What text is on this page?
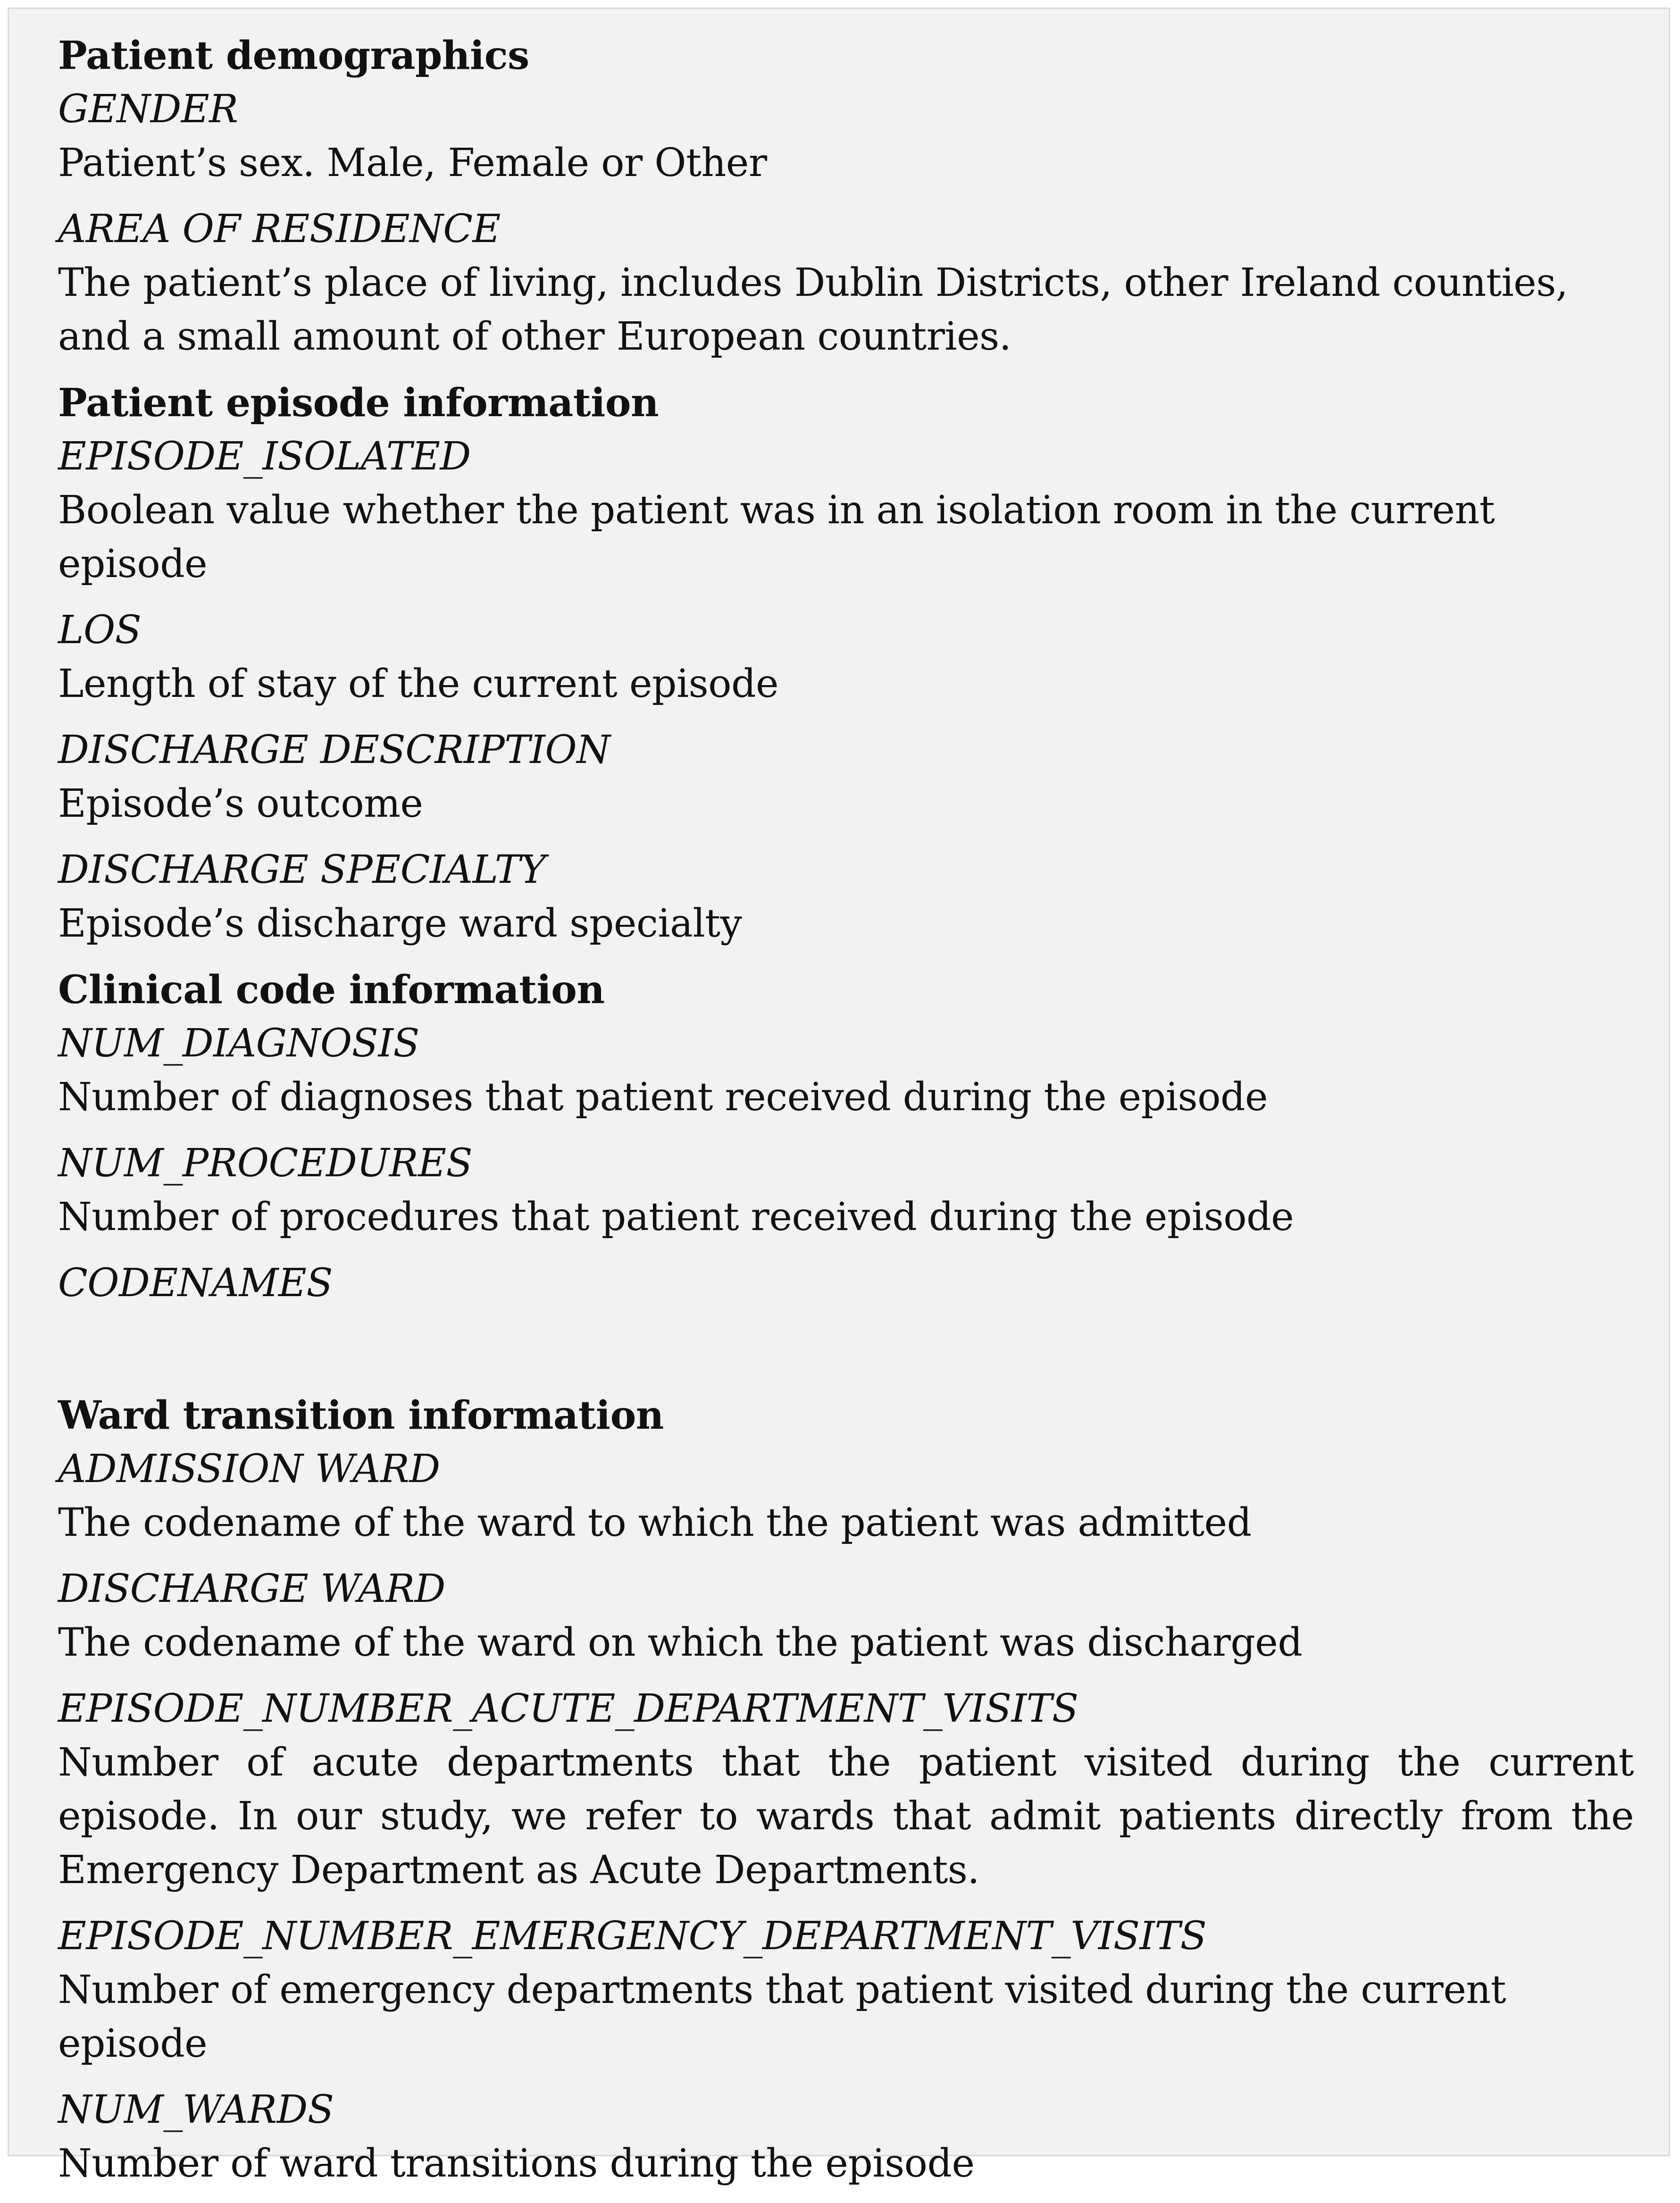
Patient demographics

GENDER

Patient’s sex. Male, Female or Other

AREA OF RESIDENCE

The patient’s place of living, includes Dublin Districts, other Ireland counties, and a small amount of other European countries.

Patient episode information

EPISODE_ISOLATED

Boolean value whether the patient was in an isolation room in the current episode

LOS

Length of stay of the current episode

DISCHARGE DESCRIPTION

Episode’s outcome

DISCHARGE SPECIALTY

Episode’s discharge ward specialty

Clinical code information

NUM_DIAGNOSIS

Number of diagnoses that patient received during the episode

NUM_PROCEDURES

Number of procedures that patient received during the episode

CODENAMES

Ward transition information

ADMISSION WARD

The codename of the ward to which the patient was admitted

DISCHARGE WARD

The codename of the ward on which the patient was discharged

EPISODE_NUMBER_ACUTE_DEPARTMENT_VISITS

Number of acute departments that the patient visited during the current episode. In our study, we refer to wards that admit patients directly from the Emergency Department as Acute Departments.

EPISODE_NUMBER_EMERGENCY_DEPARTMENT_VISITS

Number of emergency departments that patient visited during the current episode

NUM_WARDS

Number of ward transitions during the episode
